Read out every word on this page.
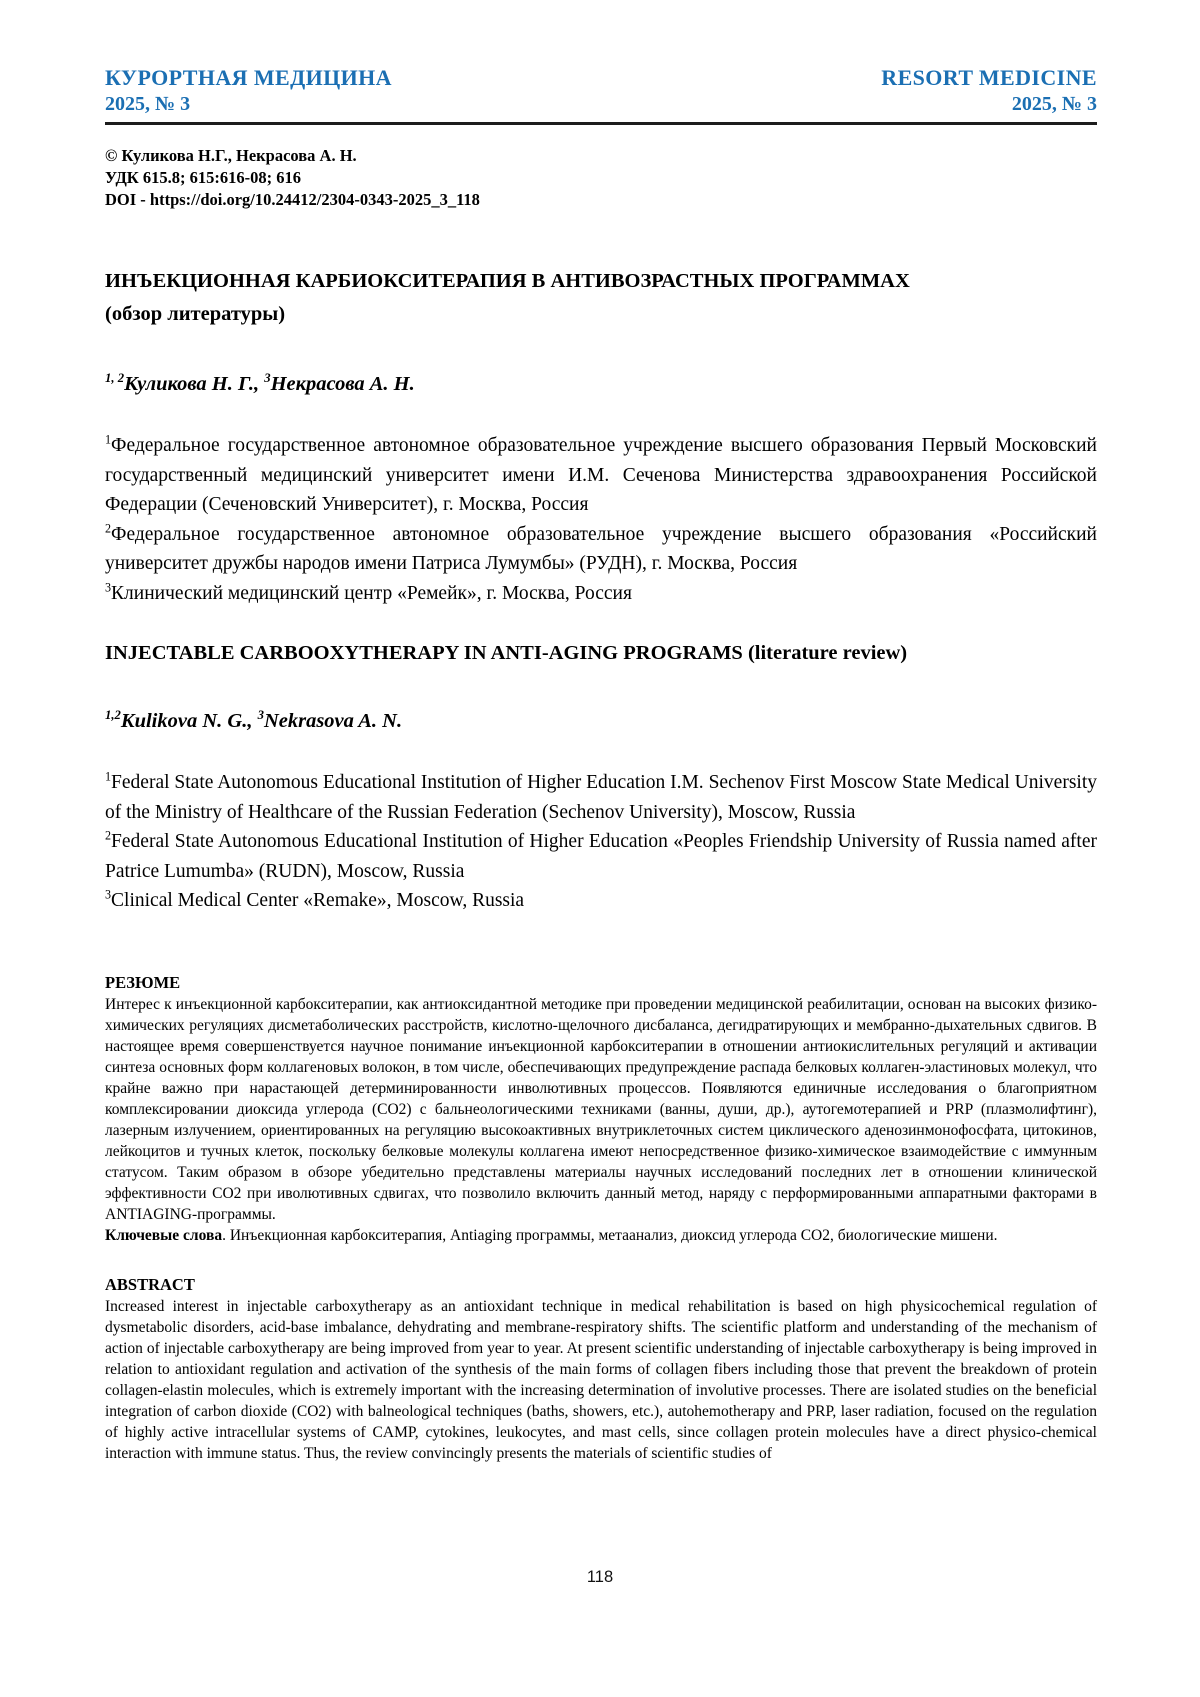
КУРОРТНАЯ МЕДИЦИНА
2025, № 3
RESORT MEDICINE
2025, № 3
© Куликова Н.Г., Некрасова А. Н.
УДК 615.8; 615:616-08; 616
DOI - https://doi.org/10.24412/2304-0343-2025_3_118
ИНЪЕКЦИОННАЯ КАРБИОКСИТЕРАПИЯ В АНТИВОЗРАСТНЫХ ПРОГРАММАХ
(обзор литературы)
$^{1, 2}$Куликова Н. Г., $^3$Некрасова А. Н.

$^1$Федеральное государственное автономное образовательное учреждение высшего образования Первый Московский государственный медицинский университет имени И.М. Сеченова Министерства здравоохранения Российской Федерации (Сеченовский Университет), г. Москва, Россия

$^2$Федеральное государственное автономное образовательное учреждение высшего образования «Российский университет дружбы народов имени Патриса Лумумбы» (РУДН), г. Москва, Россия

$^3$Клинический медицинский центр «Ремейк», г. Москва, Россия

INJECTABLE CARBOOXYTHERAPY IN ANTI-AGING PROGRAMS (literature review)
$^{1,2}$Kulikova N. G., $^3$Nekrasova A. N.

$^1$Federal State Autonomous Educational Institution of Higher Education I.M. Sechenov First Moscow State Medical University of the Ministry of Healthcare of the Russian Federation (Sechenov University), Moscow, Russia

$^2$Federal State Autonomous Educational Institution of Higher Education «Peoples Friendship University of Russia named after Patrice Lumumba» (RUDN), Moscow, Russia

$^3$Clinical Medical Center «Remake», Moscow, Russia

РЕЗЮМЕ
Интерес к инъекционной карбокситерапии, как антиоксидантной методике при проведении медицинской реабилитации, основан на высоких физико-химических регуляциях дисметаболических расстройств, кислотно-щелочного дисбаланса, дегидратирующих и мембранно-дыхательных сдвигов. В настоящее время совершенствуется научное понимание инъекционной карбокситерапии в отношении антиокислительных регуляций и активации синтеза основных форм коллагеновых волокон, в том числе, обеспечивающих предупреждение распада белковых коллаген-эластиновых молекул, что крайне важно при нарастающей детерминированности инволютивных процессов. Появляются единичные исследования о благоприятном комплексировании диоксида углерода (СО2) с бальнеологическими техниками (ванны, души, др.), аутогемотерапией и PRP (плазмолифтинг), лазерным излучением, ориентированных на регуляцию высокоактивных внутриклеточных систем циклического аденозинмонофосфата, цитокинов, лейкоцитов и тучных клеток, поскольку белковые молекулы коллагена имеют непосредственное физико-химическое взаимодействие с иммунным статусом. Таким образом в обзоре убедительно представлены материалы научных исследований последних лет в отношении клинической эффективности СО2 при иволютивных сдвигах, что позволило включить данный метод, наряду с перформированными аппаратными факторами в ANTIAGING-программы.
Ключевые слова. Инъекционная карбокситерапия, Antiaging программы, метаанализ, диоксид углерода СО2, биологические мишени.
ABSTRACT
Increased interest in injectable carboxytherapy as an antioxidant technique in medical rehabilitation is based on high physicochemical regulation of dysmetabolic disorders, acid-base imbalance, dehydrating and membrane-respiratory shifts. The scientific platform and understanding of the mechanism of action of injectable carboxytherapy are being improved from year to year. At present scientific understanding of injectable carboxytherapy is being improved in relation to antioxidant regulation and activation of the synthesis of the main forms of collagen fibers including those that prevent the breakdown of protein collagen-elastin molecules, which is extremely important with the increasing determination of involutive processes. There are isolated studies on the beneficial integration of carbon dioxide (CO2) with balneological techniques (baths, showers, etc.), autohemotherapy and PRP, laser radiation, focused on the regulation of highly active intracellular systems of CAMP, cytokines, leukocytes, and mast cells, since collagen protein molecules have a direct physico-chemical interaction with immune status. Thus, the review convincingly presents the materials of scientific studies of
118
